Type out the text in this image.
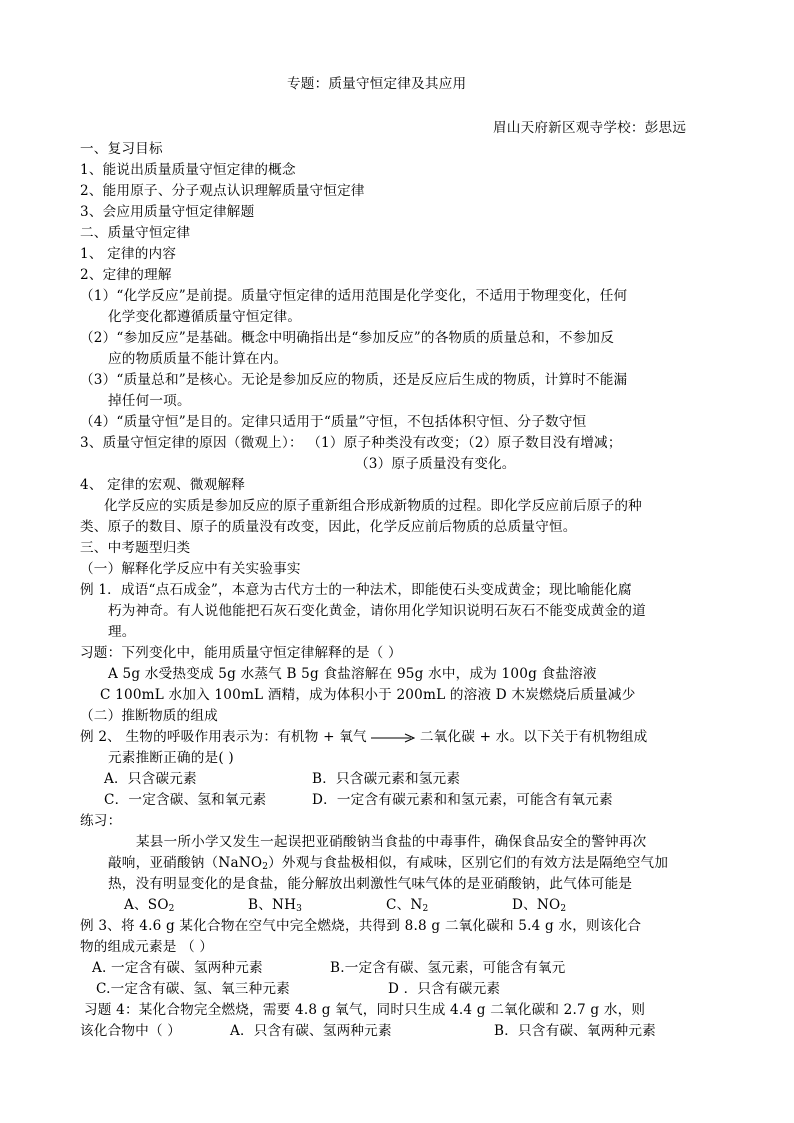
专题：质量守恒定律及其应用
眉山天府新区观寺学校：彭思远
一、复习目标
1、能说出质量质量守恒定律的概念
2、能用原子、分子观点认识理解质量守恒定律
3、会应用质量守恒定律解题
二、质量守恒定律
1、 定律的内容
2、定律的理解
（1）“化学反应”是前提。质量守恒定律的适用范围是化学变化，不适用于物理变化，任何
化学变化都遵循质量守恒定律。
（2）“参加反应”是基础。概念中明确指出是“参加反应”的各物质的质量总和，不参加反
应的物质质量不能计算在内。
（3）“质量总和”是核心。无论是参加反应的物质，还是反应后生成的物质，计算时不能漏
掉任何一项。
（4）“质量守恒”是目的。定律只适用于“质量”守恒，不包括体积守恒、分子数守恒
3、质量守恒定律的原因（微观上）： （1）原子种类没有改变；（2）原子数目没有增减；
（3）原子质量没有变化。
4、 定律的宏观、微观解释
化学反应的实质是参加反应的原子重新组合形成新物质的过程。即化学反应前后原子的种
类、原子的数目、原子的质量没有改变，因此，化学反应前后物质的总质量守恒。
三、中考题型归类
（一）解释化学反应中有关实验事实
例 1．成语“点石成金”，本意为古代方士的一种法术，即能使石头变成黄金；现比喻能化腐
朽为神奇。有人说他能把石灰石变化黄金，请你用化学知识说明石灰石不能变成黄金的道
理。
习题：下列变化中，能用质量守恒定律解释的是（ ）
A 5g 水受热变成 5g 水蒸气 B 5g 食盐溶解在 95g 水中，成为 100g 食盐溶液
C 100mL 水加入 100mL 酒精，成为体积小于 200mL 的溶液 D 木炭燃烧后质量减少
（二）推断物质的组成
例 2、 生物的呼吸作用表示为：有机物 + 氧气 → 二氧化碳 + 水。以下关于有机物组成
元素推断正确的是( )
A．只含碳元素	B．只含碳元素和氢元素
C．一定含碳、氢和氧元素	D．一定含有碳元素和和氢元素，可能含有氧元素
练习：
某县一所小学又发生一起误把亚硝酸钠当食盐的中毒事件，确保食品安全的警钟再次
敲响，亚硝酸钠（NaNO$_2$）外观与食盐极相似，有咸味，区别它们的有效方法是隔绝空气加
热，没有明显变化的是食盐，能分解放出刺激性气味气体的是亚硝酸钠，此气体可能是
A、$SO_2$	B、$NH_3$	C、$N_2$	D、$NO_2$
例 3、将 4.6 g 某化合物在空气中完全燃烧，共得到 8.8 g 二氧化碳和 5.4 g 水，则该化合
物的组成元素是 （ ）
A. 一定含有碳、氢两种元素	B.一定含有碳、氢元素，可能含有氧元
C.一定含有碳、氢、氧三种元素	D ．只含有碳元素
习题 4：某化合物完全燃烧，需要 4.8 g 氧气，同时只生成 4.4 g 二氧化碳和 2.7 g 水，则
该化合物中（ ）	A．只含有碳、氢两种元素	B．只含有碳、氧两种元素
